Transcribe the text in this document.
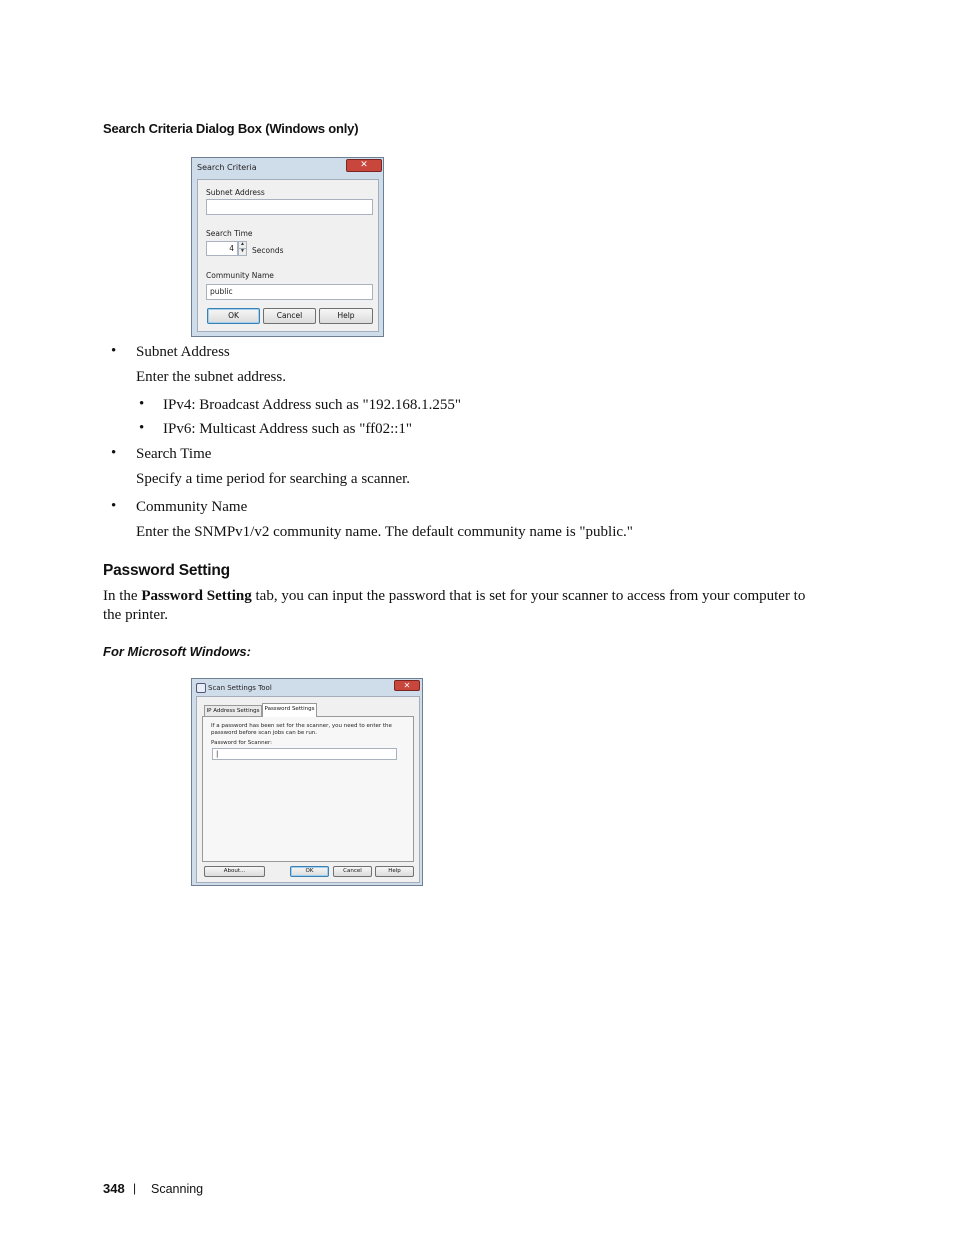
Search Criteria Dialog Box (Windows only)
Search Criteria	✕
Subnet Address
Search Time
4	▲
▼ Seconds
Community Name
public
OK	Cancel	Help
• Subnet Address
Enter the subnet address.
• IPv4: Broadcast Address such as "192.168.1.255"
• IPv6: Multicast Address such as "ff02::1"
• Search Time
Specify a time period for searching a scanner.
• Community Name
Enter the SNMPv1/v2 community name. The default community name is "public."
Password Setting
In the Password Setting tab, you can input the password that is set for your scanner to access from your computer to
the printer.
For Microsoft Windows:
Scan Settings Tool	✕
IP Address Settings Password Settings
If a password has been set for the scanner, you need to enter the
password before scan jobs can be run.
Password for Scanner:
|
About...	OK	Cancel	Help
348 | Scanning
